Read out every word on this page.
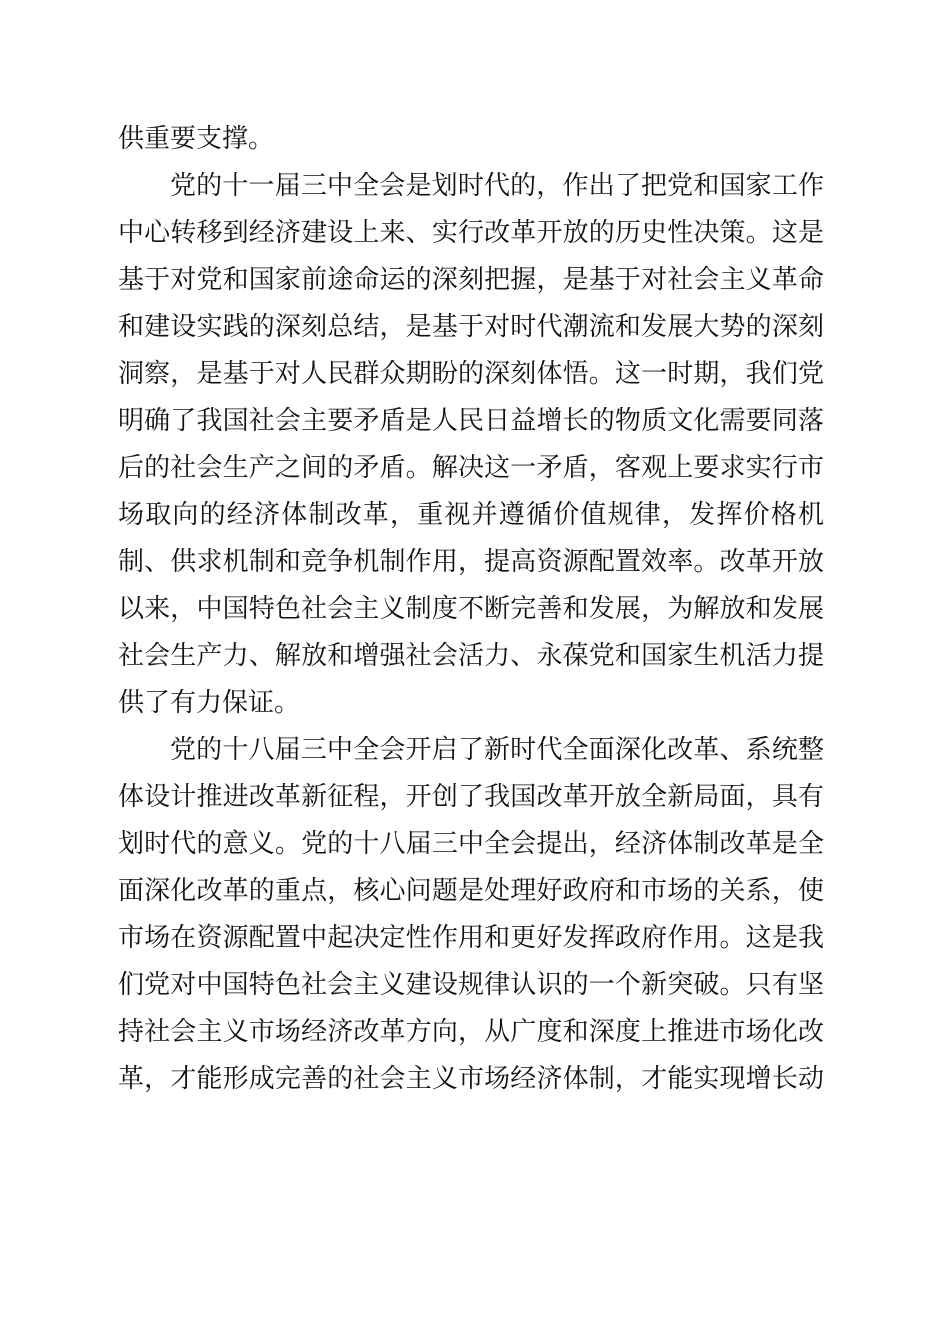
供重要支撑。
党的十一届三中全会是划时代的，作出了把党和国家工作
中心转移到经济建设上来、实行改革开放的历史性决策。这是
基于对党和国家前途命运的深刻把握，是基于对社会主义革命
和建设实践的深刻总结，是基于对时代潮流和发展大势的深刻
洞察，是基于对人民群众期盼的深刻体悟。这一时期，我们党
明确了我国社会主要矛盾是人民日益增长的物质文化需要同落
后的社会生产之间的矛盾。解决这一矛盾，客观上要求实行市
场取向的经济体制改革，重视并遵循价值规律，发挥价格机
制、供求机制和竞争机制作用，提高资源配置效率。改革开放
以来，中国特色社会主义制度不断完善和发展，为解放和发展
社会生产力、解放和增强社会活力、永葆党和国家生机活力提
供了有力保证。
党的十八届三中全会开启了新时代全面深化改革、系统整
体设计推进改革新征程，开创了我国改革开放全新局面，具有
划时代的意义。党的十八届三中全会提出，经济体制改革是全
面深化改革的重点，核心问题是处理好政府和市场的关系，使
市场在资源配置中起决定性作用和更好发挥政府作用。这是我
们党对中国特色社会主义建设规律认识的一个新突破。只有坚
持社会主义市场经济改革方向，从广度和深度上推进市场化改
革，才能形成完善的社会主义市场经济体制，才能实现增长动
